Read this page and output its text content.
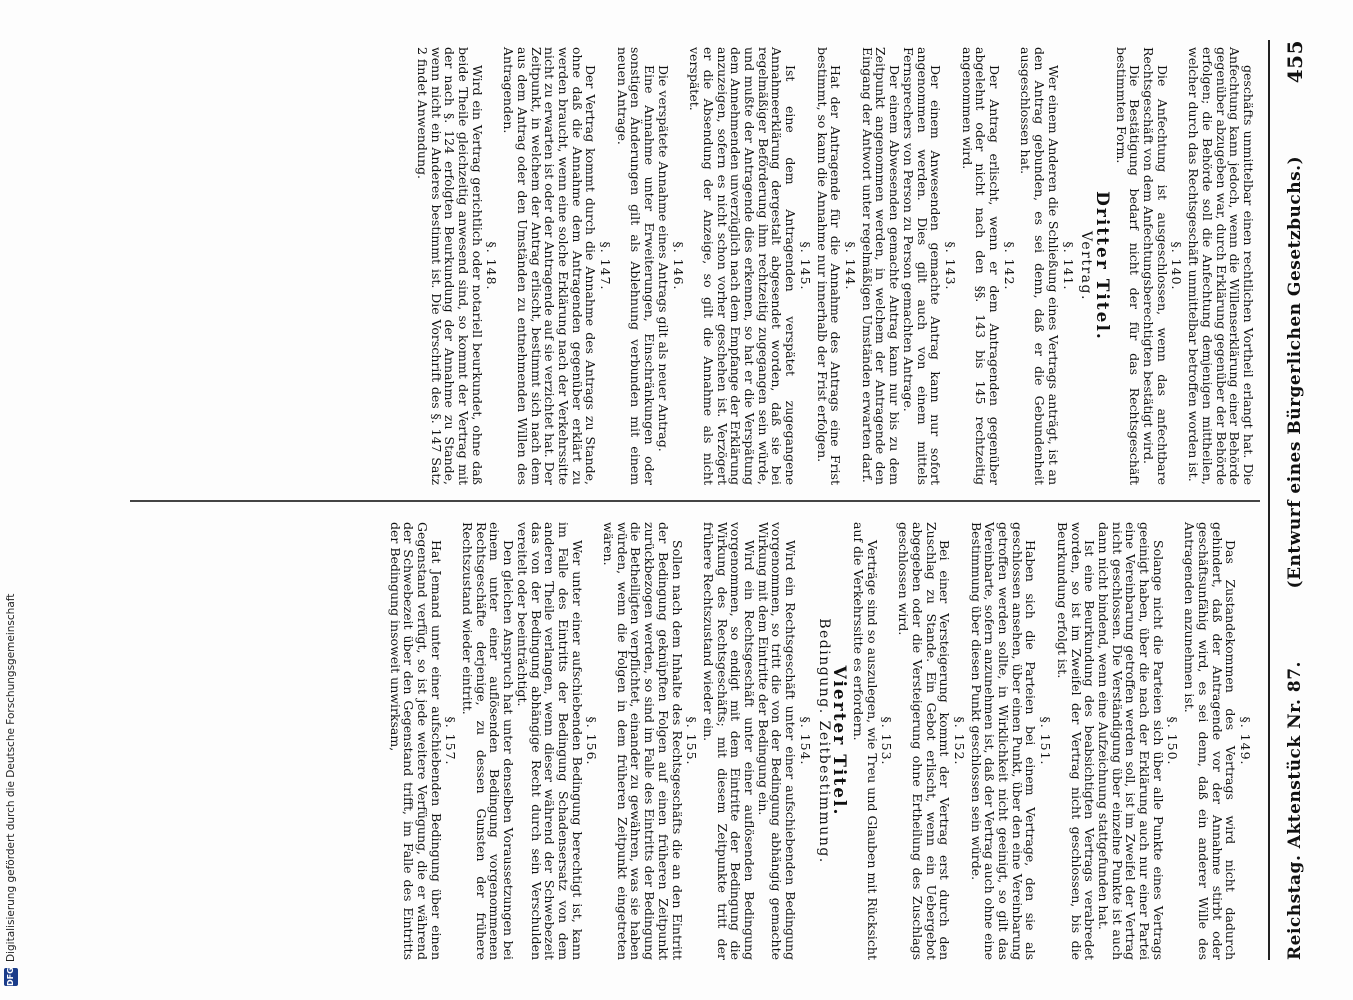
Reichstag. Aktenstück Nr. 87.
(Entwurf eines Bürgerlichen Gesetzbuchs.)
455

geschäfts unmittelbar einen rechtlichen Vortheil erlangt hat. Die Anfechtung kann jedoch, wenn die Willenserklärung einer Behörde gegenüber abzugeben war, durch Erklärung gegenüber der Behörde erfolgen; die Behörde soll die Anfechtung demjenigen mittheilen, welcher durch das Rechtsgeschäft unmittelbar betroffen worden ist.

§. 140.

Die Anfechtung ist ausgeschlossen, wenn das anfechtbare Rechtsgeschäft von dem Anfechtungsberechtigten bestätigt wird.

Die Bestätigung bedarf nicht der für das Rechtsgeschäft bestimmten Form.

Dritter Titel.
Vertrag.
§. 141.

Wer einem Anderen die Schließung eines Vertrags anträgt, ist an den Antrag gebunden, es sei denn, daß er die Gebundenheit ausgeschlossen hat.

§. 142.

Der Antrag erlischt, wenn er dem Antragenden gegenüber abgelehnt oder nicht nach den §§. 143 bis 145 rechtzeitig angenommen wird.

§. 143.

Der einem Anwesenden gemachte Antrag kann nur sofort angenommen werden. Dies gilt auch von einem mittels Fernsprechers von Person zu Person gemachten Antrage.

Der einem Abwesenden gemachte Antrag kann nur bis zu dem Zeitpunkt angenommen werden, in welchem der Antragende den Eingang der Antwort unter regelmäßigen Umständen erwarten darf.

§. 144.

Hat der Antragende für die Annahme des Antrags eine Frist bestimmt, so kann die Annahme nur innerhalb der Frist erfolgen.

§. 145.

Ist eine dem Antragenden verspätet zugegangene Annahmeerklärung dergestalt abgesendet worden, daß sie bei regelmäßiger Beförderung ihm rechtzeitig zugegangen sein würde, und mußte der Antragende dies erkennen, so hat er die Verspätung dem Annehmenden unverzüglich nach dem Empfange der Erklärung anzuzeigen, sofern es nicht schon vorher geschehen ist. Verzögert er die Absendung der Anzeige, so gilt die Annahme als nicht verspätet.

§. 146.

Die verspätete Annahme eines Antrags gilt als neuer Antrag.

Eine Annahme unter Erweiterungen, Einschränkungen oder sonstigen Änderungen gilt als Ablehnung verbunden mit einem neuen Antrage.

§. 147.

Der Vertrag kommt durch die Annahme des Antrags zu Stande, ohne daß die Annahme dem Antragenden gegenüber erklärt zu werden braucht, wenn eine solche Erklärung nach der Verkehrssitte nicht zu erwarten ist oder der Antragende auf sie verzichtet hat. Der Zeitpunkt, in welchem der Antrag erlischt, bestimmt sich nach dem aus dem Antrag oder den Umständen zu entnehmenden Willen des Antragenden.

§. 148.

Wird ein Vertrag gerichtlich oder notariell beurkundet, ohne daß beide Theile gleichzeitig anwesend sind, so kommt der Vertrag mit der nach §. 124 erfolgten Beurkundung der Annahme zu Stande, wenn nicht ein Anderes bestimmt ist. Die Vorschrift des §. 147 Satz 2 findet Anwendung.

§. 149.

Das Zustandekommen des Vertrags wird nicht dadurch gehindert, daß der Antragende vor der Annahme stirbt oder geschäftsunfähig wird, es sei denn, daß ein anderer Wille des Antragenden anzunehmen ist.

§. 150.

Solange nicht die Parteien sich über alle Punkte eines Vertrags geeinigt haben, über die nach der Erklärung auch nur einer Partei eine Vereinbarung getroffen werden soll, ist im Zweifel der Vertrag nicht geschlossen. Die Verständigung über einzelne Punkte ist auch dann nicht bindend, wenn eine Aufzeichnung stattgefunden hat.

Ist eine Beurkundung des beabsichtigten Vertrags verabredet worden, so ist im Zweifel der Vertrag nicht geschlossen, bis die Beurkundung erfolgt ist.

§. 151.

Haben sich die Parteien bei einem Vertrage, den sie als geschlossen ansehen, über einen Punkt, über den eine Vereinbarung getroffen werden sollte, in Wirklichkeit nicht geeinigt, so gilt das Vereinbarte, sofern anzunehmen ist, daß der Vertrag auch ohne eine Bestimmung über diesen Punkt geschlossen sein würde.

§. 152.

Bei einer Versteigerung kommt der Vertrag erst durch den Zuschlag zu Stande. Ein Gebot erlischt, wenn ein Uebergebot abgegeben oder die Versteigerung ohne Ertheilung des Zuschlags geschlossen wird.

§. 153.

Verträge sind so auszulegen, wie Treu und Glauben mit Rücksicht auf die Verkehrssitte es erfordern.

Vierter Titel.
Bedingung. Zeitbestimmung.
§. 154.

Wird ein Rechtsgeschäft unter einer aufschiebenden Bedingung vorgenommen, so tritt die von der Bedingung abhängig gemachte Wirkung mit dem Eintritte der Bedingung ein.

Wird ein Rechtsgeschäft unter einer auflösenden Bedingung vorgenommen, so endigt mit dem Eintritte der Bedingung die Wirkung des Rechtsgeschäfts; mit diesem Zeitpunkte tritt der frühere Rechtszustand wieder ein.

§. 155.

Sollen nach dem Inhalte des Rechtsgeschäfts die an den Eintritt der Bedingung geknüpften Folgen auf einen früheren Zeitpunkt zurückbezogen werden, so sind im Falle des Eintritts der Bedingung die Betheiligten verpflichtet, einander zu gewähren, was sie haben würden, wenn die Folgen in dem früheren Zeitpunkt eingetreten wären.

§. 156.

Wer unter einer aufschiebenden Bedingung berechtigt ist, kann im Falle des Eintritts der Bedingung Schadensersatz von dem anderen Theile verlangen, wenn dieser während der Schwebezeit das von der Bedingung abhängige Recht durch sein Verschulden vereitelt oder beeinträchtigt.

Den gleichen Anspruch hat unter denselben Voraussetzungen bei einem unter einer auflösenden Bedingung vorgenommenen Rechtsgeschäfte derjenige, zu dessen Gunsten der frühere Rechtszustand wieder eintritt.

§. 157.

Hat Jemand unter einer aufschiebenden Bedingung über einen Gegenstand verfügt, so ist jede weitere Verfügung, die er während der Schwebezeit über den Gegenstand trifft, im Falle des Eintritts der Bedingung insoweit unwirksam,

DFG
Digitalisierung gefördert durch die Deutsche Forschungsgemeinschaft
